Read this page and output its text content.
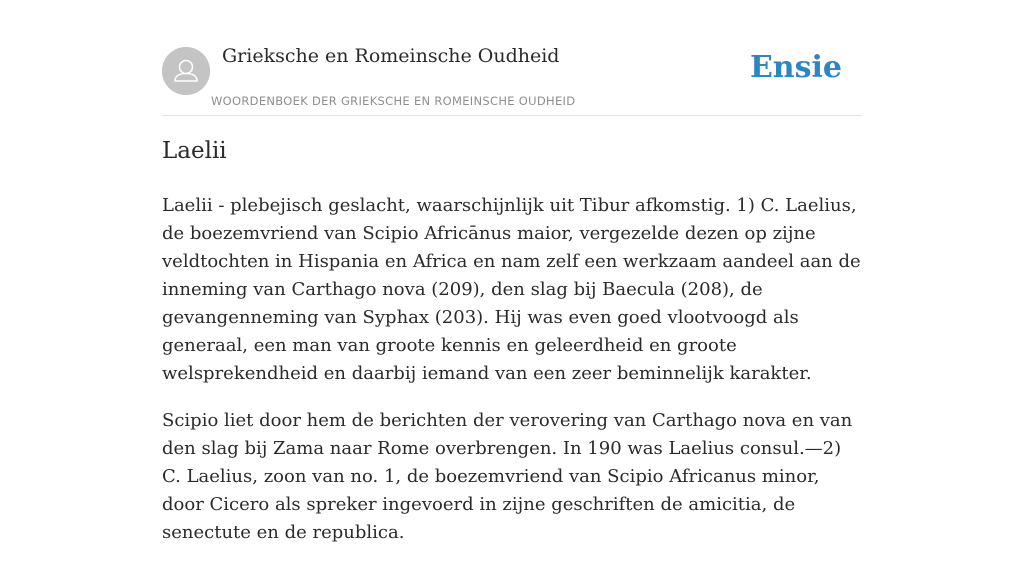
Grieksche en Romeinsche Oudheid
WOORDENBOEK DER GRIEKSCHE EN ROMEINSCHE OUDHEID
Ensie
Laelii

Laelii - plebejisch geslacht, waarschijnlijk uit Tibur afkomstig. 1) C. Laelius, de boezemvriend van Scipio Africānus maior, vergezelde dezen op zijne veldtochten in Hispania en Africa en nam zelf een werkzaam aandeel aan de inneming van Carthago nova (209), den slag bij Baecula (208), de gevangenneming van Syphax (203). Hij was even goed vlootvoogd als generaal, een man van groote kennis en geleerdheid en groote welsprekendheid en daarbij iemand van een zeer beminnelijk karakter.

Scipio liet door hem de berichten der verovering van Carthago nova en van den slag bij Zama naar Rome overbrengen. In 190 was Laelius consul.—2) C. Laelius, zoon van no. 1, de boezemvriend van Scipio Africanus minor, door Cicero als spreker ingevoerd in zijne geschriften de amicitia, de senectute en de republica.
